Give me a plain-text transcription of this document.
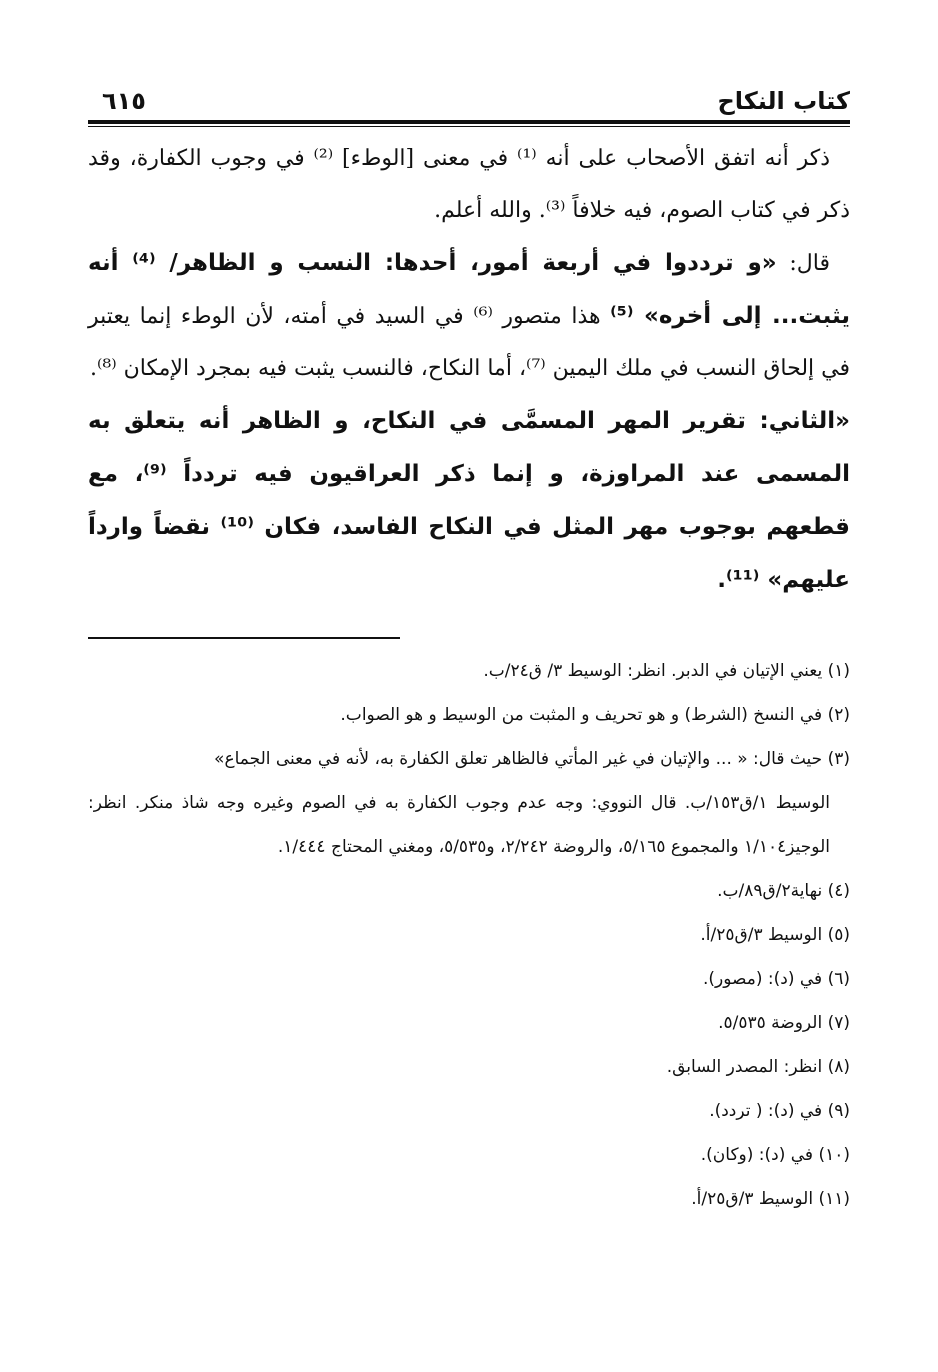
كتاب النكاح
٦١٥

ذكر أنه اتفق الأصحاب على أنه ⁽¹⁾ في معنى [الوطء] ⁽²⁾ في وجوب الكفارة، وقد ذكر في كتاب الصوم، فيه خلافاً ⁽³⁾. والله أعلم.

قال: «و ترددوا في أربعة أمور، أحدها: النسب و الظاهر/ ⁽⁴⁾ أنه يثبت... إلى أخره» ⁽⁵⁾ هذا متصور ⁽⁶⁾ في السيد في أمته، لأن الوطء إنما يعتبر في إلحاق النسب في ملك اليمين ⁽⁷⁾، أما النكاح، فالنسب يثبت فيه بمجرد الإمكان ⁽⁸⁾.

«الثاني: تقرير المهر المسمَّى في النكاح، و الظاهر أنه يتعلق به المسمى عند المراوزة، و إنما ذكر العراقيون فيه تردداً ⁽⁹⁾، مع قطعهم بوجوب مهر المثل في النكاح الفاسد، فكان ⁽¹⁰⁾ نقضاً وارداً عليهم» ⁽¹¹⁾.

(١) يعني الإتيان في الدبر. انظر: الوسيط ٣/ ق٢٤/ب.

(٢) في النسخ (الشرط) و هو تحريف و المثبت من الوسيط و هو الصواب.

(٣) حيث قال: « ... والإتيان في غير المأتي فالظاهر تعلق الكفارة به، لأنه في معنى الجماع»

الوسيط ١/ق١٥٣/ب. قال النووي: وجه عدم وجوب الكفارة به في الصوم وغيره وجه شاذ منكر. انظر: الوجيز١/١٠٤ والمجموع ٥/١٦٥، والروضة ٢/٢٤٢، و٥/٥٣٥، ومغني المحتاج ١/٤٤٤.

(٤) نهاية٢/ق٨٩/ب.

(٥) الوسيط ٣/ق٢٥/أ.

(٦) في (د): (مصور).

(٧) الروضة ٥/٥٣٥.

(٨) انظر: المصدر السابق.

(٩) في (د): ( تردد).

(١٠) في (د): (وكان).

(١١) الوسيط ٣/ق٢٥/أ.
